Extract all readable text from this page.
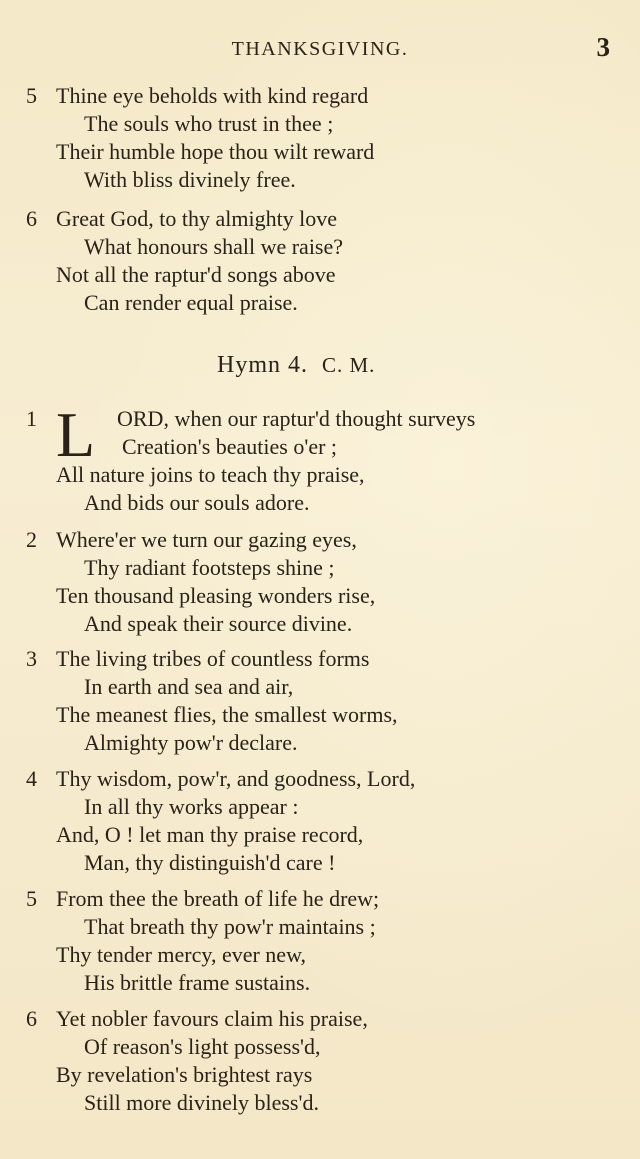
THANKSGIVING.	3
5 Thine eye beholds with kind regard
The souls who trust in thee ;
Their humble hope thou wilt reward
With bliss divinely free.
6 Great God, to thy almighty love
What honours shall we raise?
Not all the raptur'd songs above
Can render equal praise.
Hymn 4. C. M.
1 L ORD, when our raptur'd thought surveys
Creation's beauties o'er ;
All nature joins to teach thy praise,
And bids our souls adore.
2 Where'er we turn our gazing eyes,
Thy radiant footsteps shine ;
Ten thousand pleasing wonders rise,
And speak their source divine.
3 The living tribes of countless forms
In earth and sea and air,
The meanest flies, the smallest worms,
Almighty pow'r declare.
4 Thy wisdom, pow'r, and goodness, Lord,
In all thy works appear :
And, O ! let man thy praise record,
Man, thy distinguish'd care !
5 From thee the breath of life he drew;
That breath thy pow'r maintains ;
Thy tender mercy, ever new,
His brittle frame sustains.
6 Yet nobler favours claim his praise,
Of reason's light possess'd,
By revelation's brightest rays
Still more divinely bless'd.
